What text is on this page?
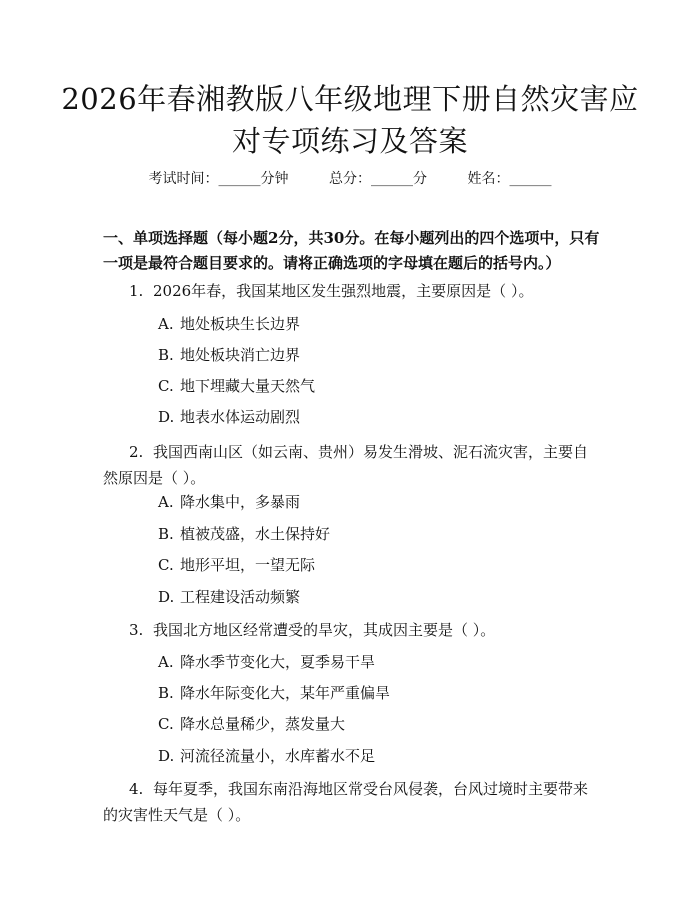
2026年春湘教版八年级地理下册自然灾害应
对专项练习及答案
考试时间：______分钟	总分：______分	姓名：______
一、单项选择题（每小题2分，共30分。在每小题列出的四个选项中，只有一项是最符合题目要求的。请将正确选项的字母填在题后的括号内。）
1. 2026年春，我国某地区发生强烈地震，主要原因是（ ）。
A. 地处板块生长边界
B. 地处板块消亡边界
C. 地下埋藏大量天然气
D. 地表水体运动剧烈
2. 我国西南山区（如云南、贵州）易发生滑坡、泥石流灾害，主要自然原因是（ ）。
A. 降水集中，多暴雨
B. 植被茂盛，水土保持好
C. 地形平坦，一望无际
D. 工程建设活动频繁
3. 我国北方地区经常遭受的旱灾，其成因主要是（ ）。
A. 降水季节变化大，夏季易干旱
B. 降水年际变化大，某年严重偏旱
C. 降水总量稀少，蒸发量大
D. 河流径流量小，水库蓄水不足
4. 每年夏季，我国东南沿海地区常受台风侵袭，台风过境时主要带来的灾害性天气是（ ）。
